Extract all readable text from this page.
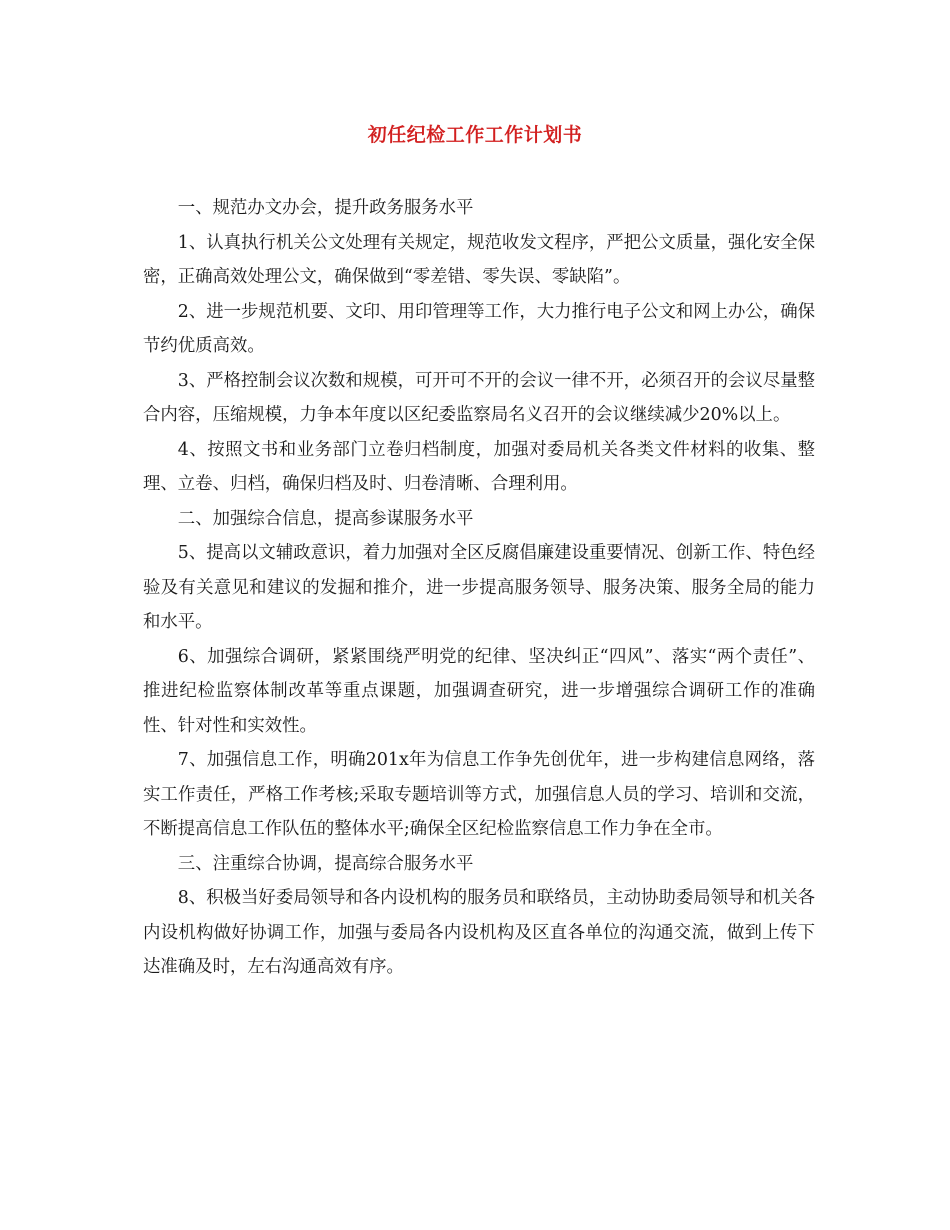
初任纪检工作工作计划书

一、规范办文办会，提升政务服务水平

1、认真执行机关公文处理有关规定，规范收发文程序，严把公文质量，强化安全保密，正确高效处理公文，确保做到“零差错、零失误、零缺陷”。

2、进一步规范机要、文印、用印管理等工作，大力推行电子公文和网上办公，确保节约优质高效。

3、严格控制会议次数和规模，可开可不开的会议一律不开，必须召开的会议尽量整合内容，压缩规模，力争本年度以区纪委监察局名义召开的会议继续减少20%以上。

4、按照文书和业务部门立卷归档制度，加强对委局机关各类文件材料的收集、整理、立卷、归档，确保归档及时、归卷清晰、合理利用。

二、加强综合信息，提高参谋服务水平

5、提高以文辅政意识，着力加强对全区反腐倡廉建设重要情况、创新工作、特色经验及有关意见和建议的发掘和推介，进一步提高服务领导、服务决策、服务全局的能力和水平。

6、加强综合调研，紧紧围绕严明党的纪律、坚决纠正“四风”、落实“两个责任”、推进纪检监察体制改革等重点课题，加强调查研究，进一步增强综合调研工作的准确性、针对性和实效性。

7、加强信息工作，明确201x年为信息工作争先创优年，进一步构建信息网络，落实工作责任，严格工作考核;采取专题培训等方式，加强信息人员的学习、培训和交流，不断提高信息工作队伍的整体水平;确保全区纪检监察信息工作力争在全市。

三、注重综合协调，提高综合服务水平

8、积极当好委局领导和各内设机构的服务员和联络员，主动协助委局领导和机关各内设机构做好协调工作，加强与委局各内设机构及区直各单位的沟通交流，做到上传下达准确及时，左右沟通高效有序。
